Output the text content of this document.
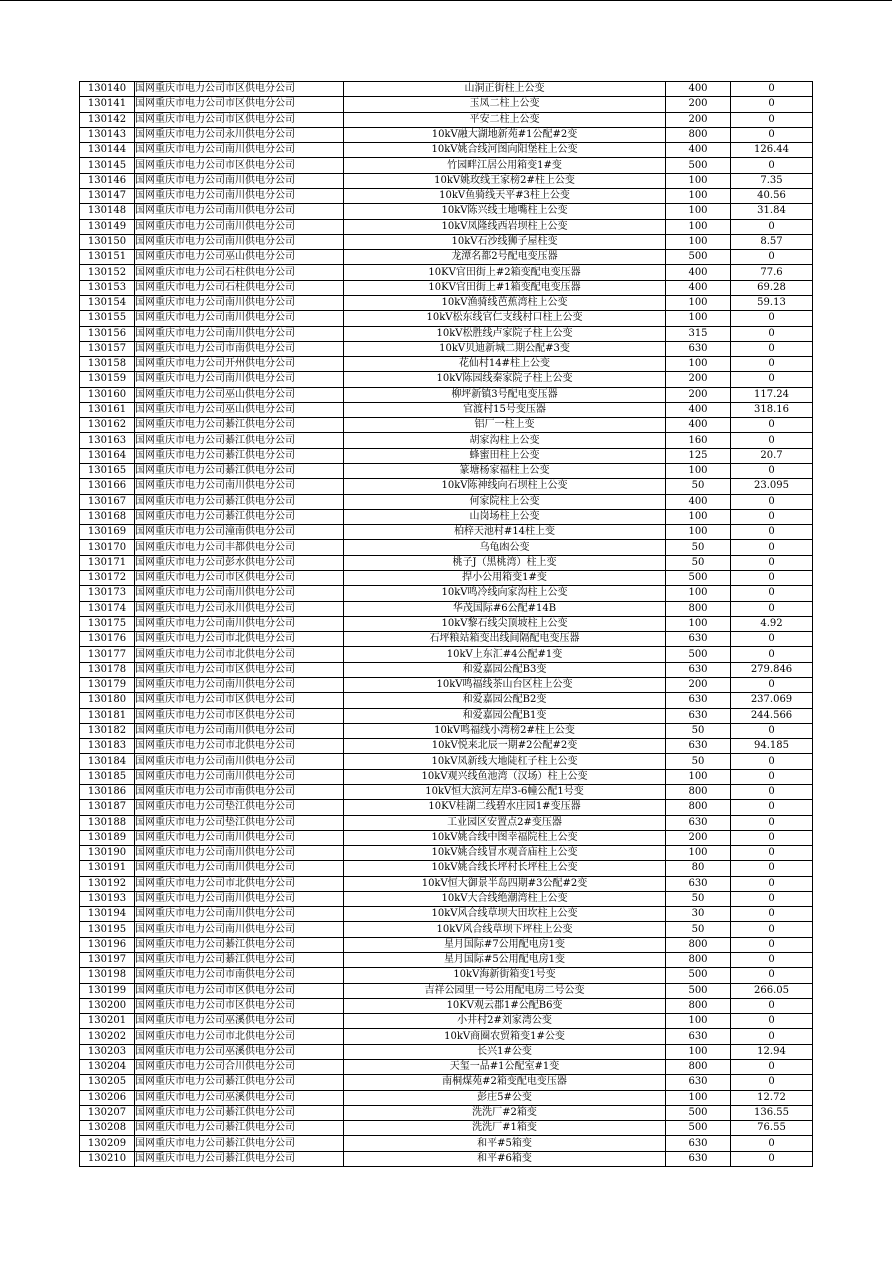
130140	国网重庆市电力公司市区供电分公司	山洞正街柱上公变	400	0
130141	国网重庆市电力公司市区供电分公司	玉凤二柱上公变	200	0
130142	国网重庆市电力公司市区供电分公司	平安二柱上公变	200	0
130143	国网重庆市电力公司永川供电分公司	10kV融大湖地新苑#1公配#2变	800	0
130144	国网重庆市电力公司南川供电分公司	10kV姚合线河图向阳堡柱上公变	400	126.44
130145	国网重庆市电力公司市区供电分公司	竹园畔江居公用箱变1#变	500	0
130146	国网重庆市电力公司南川供电分公司	10kV姚玫线王家榜2#柱上公变	100	7.35
130147	国网重庆市电力公司南川供电分公司	10kV鱼骑线天平#3柱上公变	100	40.56
130148	国网重庆市电力公司南川供电分公司	10kV陈兴线土地嘴柱上公变	100	31.84
130149	国网重庆市电力公司南川供电分公司	10kV凤隆线西岩坝柱上公变	100	0
130150	国网重庆市电力公司南川供电分公司	10kV石沙线狮子屋柱变	100	8.57
130151	国网重庆市电力公司巫山供电分公司	龙潭名都2号配电变压器	500	0
130152	国网重庆市电力公司石柱供电分公司	10KV官田街上#2箱变配电变压器	400	77.6
130153	国网重庆市电力公司石柱供电分公司	10KV官田街上#1箱变配电变压器	400	69.28
130154	国网重庆市电力公司南川供电分公司	10kV渔骑线芭蕉湾柱上公变	100	59.13
130155	国网重庆市电力公司南川供电分公司	10kV松东线官仁支线村口柱上公变	100	0
130156	国网重庆市电力公司南川供电分公司	10kV松胜线卢家院子柱上公变	315	0
130157	国网重庆市电力公司市南供电分公司	10kV贝迪新城二期公配#3变	630	0
130158	国网重庆市电力公司开州供电分公司	花仙村14#柱上公变	100	0
130159	国网重庆市电力公司南川供电分公司	10kV陈园线秦家院子柱上公变	200	0
130160	国网重庆市电力公司巫山供电分公司	柳坪新镇3号配电变压器	200	117.24
130161	国网重庆市电力公司巫山供电分公司	官渡村15号变压器	400	318.16
130162	国网重庆市电力公司綦江供电分公司	铝厂一柱上变	400	0
130163	国网重庆市电力公司綦江供电分公司	胡家沟柱上公变	160	0
130164	国网重庆市电力公司綦江供电分公司	蜂蜜田柱上公变	125	20.7
130165	国网重庆市电力公司綦江供电分公司	篆塘杨家福柱上公变	100	0
130166	国网重庆市电力公司南川供电分公司	10kV陈神线向石坝柱上公变	50	23.095
130167	国网重庆市电力公司綦江供电分公司	何家院柱上公变	400	0
130168	国网重庆市电力公司綦江供电分公司	山岗场柱上公变	100	0
130169	国网重庆市电力公司潼南供电分公司	柏梓天池村#14柱上变	100	0
130170	国网重庆市电力公司丰都供电分公司	乌龟凼公变	50	0
130171	国网重庆市电力公司彭水供电分公司	桃子J（黑桃湾）柱上变	50	0
130172	国网重庆市电力公司市区供电分公司	捍小公用箱变1#变	500	0
130173	国网重庆市电力公司南川供电分公司	10kV鸣冷线向家沟柱上公变	100	0
130174	国网重庆市电力公司永川供电分公司	华茂国际#6公配#14B	800	0
130175	国网重庆市电力公司南川供电分公司	10kV黎石线尖顶坡柱上公变	100	4.92
130176	国网重庆市电力公司市北供电分公司	石坪粮站箱变出线间隔配电变压器	630	0
130177	国网重庆市电力公司市北供电分公司	10kV上东汇#4公配#1变	500	0
130178	国网重庆市电力公司市区供电分公司	和爱嘉园公配B3变	630	279.846
130179	国网重庆市电力公司南川供电分公司	10kV鸣福线茶山台区柱上公变	200	0
130180	国网重庆市电力公司市区供电分公司	和爱嘉园公配B2变	630	237.069
130181	国网重庆市电力公司市区供电分公司	和爱嘉园公配B1变	630	244.566
130182	国网重庆市电力公司南川供电分公司	10kV鸣福线小湾榜2#柱上公变	50	0
130183	国网重庆市电力公司市北供电分公司	10kV悦来北辰一期#2公配#2变	630	94.185
130184	国网重庆市电力公司南川供电分公司	10kV凤新线大地陡杠子柱上公变	50	0
130185	国网重庆市电力公司南川供电分公司	10kV观兴线鱼池湾（汉场）柱上公变	100	0
130186	国网重庆市电力公司市南供电分公司	10kV恒大滨河左岸3-6幢公配1号变	800	0
130187	国网重庆市电力公司垫江供电分公司	10KV桂湖二线碧水庄园1#变压器	800	0
130188	国网重庆市电力公司垫江供电分公司	工业园区安置点2#变压器	630	0
130189	国网重庆市电力公司南川供电分公司	10kV姚合线中图幸福院柱上公变	200	0
130190	国网重庆市电力公司南川供电分公司	10kV姚合线冒水观音庙柱上公变	100	0
130191	国网重庆市电力公司南川供电分公司	10kV姚合线长坪村长坪柱上公变	80	0
130192	国网重庆市电力公司市北供电分公司	10kV恒大御景半岛四期#3公配#2变	630	0
130193	国网重庆市电力公司南川供电分公司	10kV大合线绝潮湾柱上公变	50	0
130194	国网重庆市电力公司南川供电分公司	10kV风合线草坝大田坎柱上公变	30	0
130195	国网重庆市电力公司南川供电分公司	10kV风合线草坝下坪柱上公变	50	0
130196	国网重庆市电力公司綦江供电分公司	星月国际#7公用配电房1变	800	0
130197	国网重庆市电力公司綦江供电分公司	星月国际#5公用配电房1变	800	0
130198	国网重庆市电力公司市南供电分公司	10kV海新街箱变1号变	500	0
130199	国网重庆市电力公司市区供电分公司	吉祥公园里一号公用配电房二号公变	500	266.05
130200	国网重庆市电力公司市区供电分公司	10KV观云郡1#公配B6变	800	0
130201	国网重庆市电力公司巫溪供电分公司	小井村2#刘家湾公变	100	0
130202	国网重庆市电力公司市北供电分公司	10kV商圈农贸箱变1#公变	630	0
130203	国网重庆市电力公司巫溪供电分公司	长兴1#公变	100	12.94
130204	国网重庆市电力公司合川供电分公司	天玺一品#1公配室#1变	800	0
130205	国网重庆市电力公司綦江供电分公司	南桐煤苑#2箱变配电变压器	630	0
130206	国网重庆市电力公司巫溪供电分公司	彭庄5#公变	100	12.72
130207	国网重庆市电力公司綦江供电分公司	洗洗厂#2箱变	500	136.55
130208	国网重庆市电力公司綦江供电分公司	洗洗厂#1箱变	500	76.55
130209	国网重庆市电力公司綦江供电分公司	和平#5箱变	630	0
130210	国网重庆市电力公司綦江供电分公司	和平#6箱变	630	0
